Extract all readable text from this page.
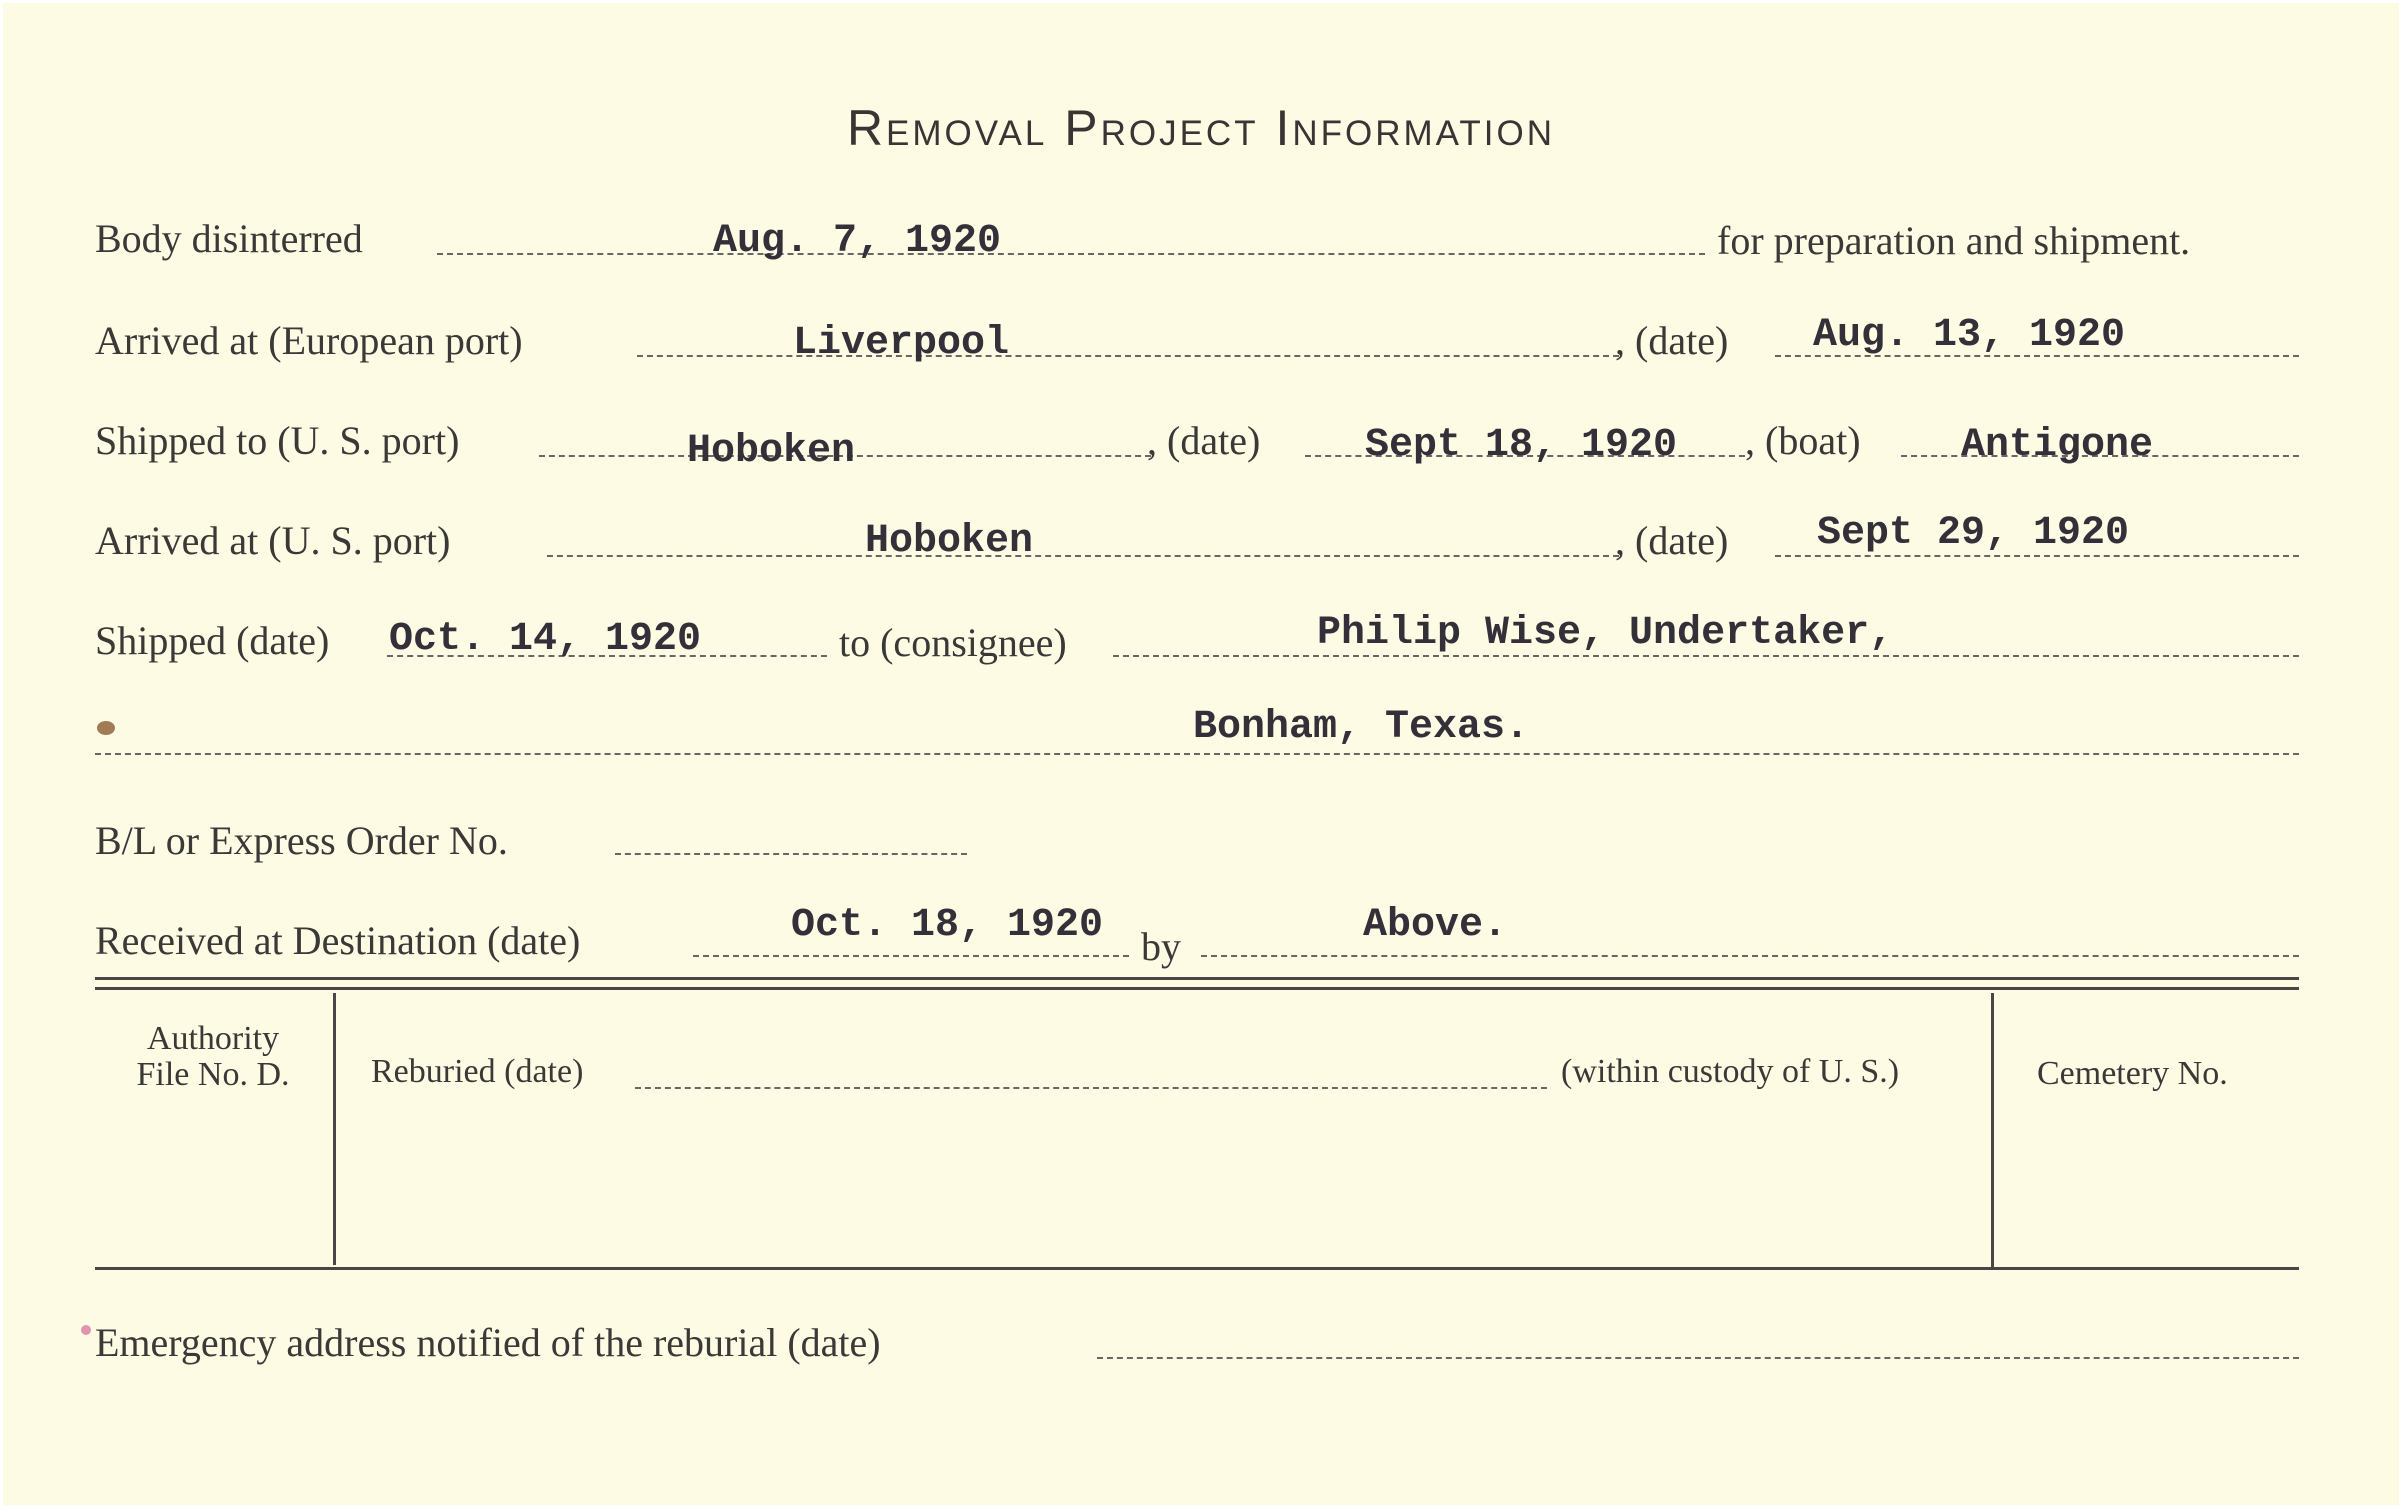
Removal Project Information
Body disinterred	Aug. 7, 1920	for preparation and shipment.
Arrived at (European port)	Liverpool	, (date) Aug. 13, 1920
Shipped to (U. S. port)	Hoboken	, (date)	Sept 18, 1920 , (boat)	Antigone
Arrived at (U. S. port)	Hoboken	, (date) Sept 29, 1920
Shipped (date) Oct. 14, 1920	to (consignee)	Philip Wise, Undertaker,
Bonham, Texas.
B/L or Express Order No.
Received at Destination (date)	Oct. 18, 1920 by	Above.
Authority
File No. D.	Reburied (date)	(within custody of U. S.)	Cemetery No.
Emergency address notified of the reburial (date)
